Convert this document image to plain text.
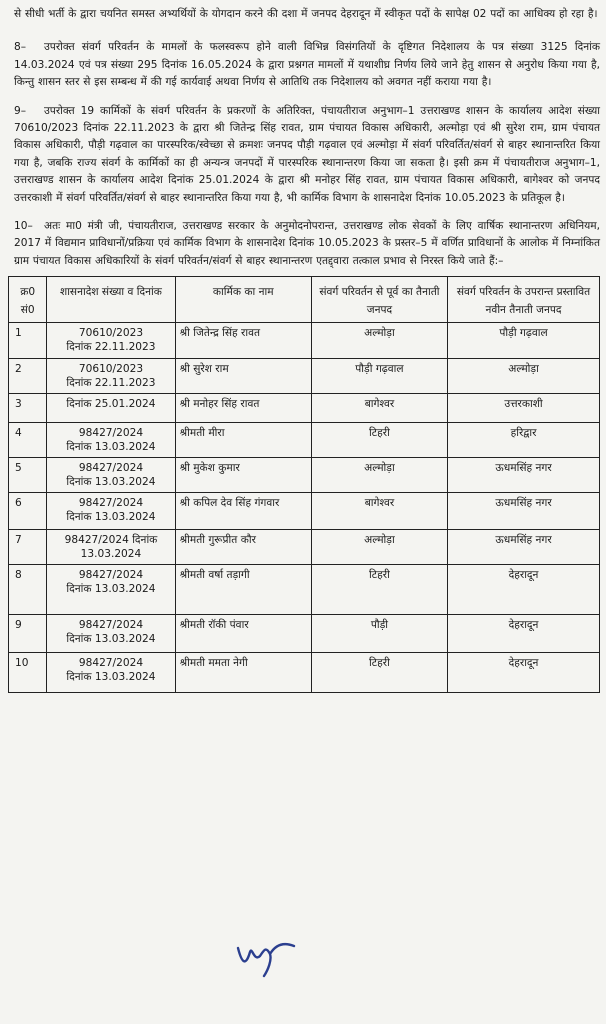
से सीधी भर्ती के द्वारा चयनित समस्त अभ्यर्थियों के योगदान करने की दशा में जनपद देहरादून में स्वीकृत पदों के सापेक्ष 02 पदों का आधिक्य हो रहा है।

8– उपरोक्त संवर्ग परिवर्तन के मामलों के फलस्वरूप होने वाली विभिन्न विसंगतियों के दृष्टिगत निदेशालय के पत्र संख्या 3125 दिनांक 14.03.2024 एवं पत्र संख्या 295 दिनांक 16.05.2024 के द्वारा प्रश्नगत मामलों में यथाशीघ्र निर्णय लिये जाने हेतु शासन से अनुरोध किया गया है, किन्तु शासन स्तर से इस सम्बन्ध में की गई कार्यवाई अथवा निर्णय से आतिथि तक निदेशालय को अवगत नहीं कराया गया है।

9– उपरोक्त 19 कार्मिकों के संवर्ग परिवर्तन के प्रकरणों के अतिरिक्त, पंचायतीराज अनुभाग–1 उत्तराखण्ड शासन के कार्यालय आदेश संख्या 70610/2023 दिनांक 22.11.2023 के द्वारा श्री जितेन्द्र सिंह रावत, ग्राम पंचायत विकास अधिकारी, अल्मोड़ा एवं श्री सुरेश राम, ग्राम पंचायत विकास अधिकारी, पौड़ी गढ़वाल का पारस्परिक/स्वेच्छा से क्रमशः जनपद पौड़ी गढ़वाल एवं अल्मोड़ा में संवर्ग परिवर्तित/संवर्ग से बाहर स्थानान्तरित किया गया है, जबकि राज्य संवर्ग के कार्मिकों का ही अन्यन्त्र जनपदों में पारस्परिक स्थानान्तरण किया जा सकता है। इसी क्रम में पंचायतीराज अनुभाग–1, उत्तराखण्ड शासन के कार्यालय आदेश दिनांक 25.01.2024 के द्वारा श्री मनोहर सिंह रावत, ग्राम पंचायत विकास अधिकारी, बागेश्वर को जनपद उत्तरकाशी में संवर्ग परिवर्तित/संवर्ग से बाहर स्थानान्तरित किया गया है, भी कार्मिक विभाग के शासनादेश दिनांक 10.05.2023 के प्रतिकूल है।

10– अतः मा0 मंत्री जी, पंचायतीराज, उत्तराखण्ड सरकार के अनुमोदनोपरान्त, उत्तराखण्ड लोक सेवकों के लिए वार्षिक स्थानान्तरण अधिनियम, 2017 में विद्यमान प्राविधानों/प्रक्रिया एवं कार्मिक विभाग के शासनादेश दिनांक 10.05.2023 के प्रस्तर–5 में वर्णित प्राविधानों के आलोक में निम्नांकित ग्राम पंचायत विकास अधिकारियों के संवर्ग परिवर्तन/संवर्ग से बाहर स्थानान्तरण एतद्द्वारा तत्काल प्रभाव से निरस्त किये जाते हैं:–

क्र0
सं0	शासनादेश संख्या व दिनांक	कार्मिक का नाम	संवर्ग परिवर्तन से पूर्व का तैनाती जनपद	संवर्ग परिवर्तन के उपरान्त प्रस्तावित नवीन तैनाती जनपद
1	70610/2023
दिनांक 22.11.2023	श्री जितेन्द्र सिंह रावत	अल्मोड़ा	पौड़ी गढ़वाल
2	70610/2023
दिनांक 22.11.2023	श्री सुरेश राम	पौड़ी गढ़वाल	अल्मोड़ा
3	दिनांक 25.01.2024	श्री मनोहर सिंह रावत	बागेश्वर	उत्तरकाशी
4	98427/2024
दिनांक 13.03.2024	श्रीमती मीरा	टिहरी	हरिद्वार
5	98427/2024
दिनांक 13.03.2024	श्री मुकेश कुमार	अल्मोड़ा	ऊधमसिंह नगर
6	98427/2024
दिनांक 13.03.2024	श्री कपिल देव सिंह गंगवार	बागेश्वर	ऊधमसिंह नगर
7	98427/2024 दिनांक
13.03.2024	श्रीमती गुरूप्रीत कौर	अल्मोड़ा	ऊधमसिंह नगर
8	98427/2024
दिनांक 13.03.2024	श्रीमती वर्षा तड़ागी	टिहरी	देहरादून
9	98427/2024
दिनांक 13.03.2024	श्रीमती रॉकी पंवार	पौड़ी	देहरादून
10	98427/2024
दिनांक 13.03.2024	श्रीमती ममता नेगी	टिहरी	देहरादून
